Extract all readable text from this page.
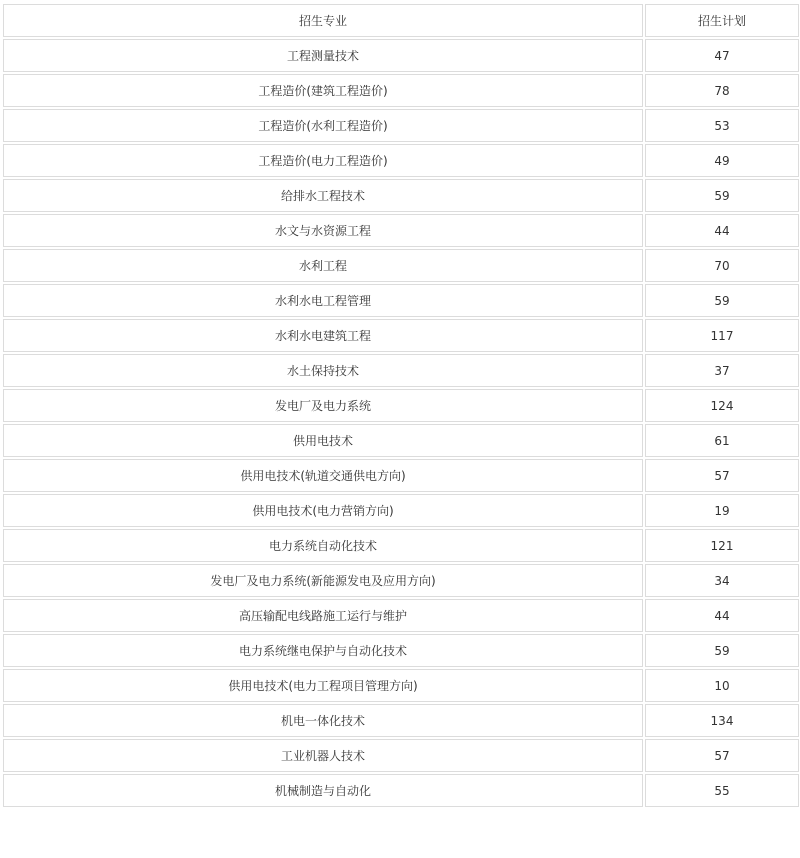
招生专业	招生计划
工程测量技术	47
工程造价(建筑工程造价)	78
工程造价(水利工程造价)	53
工程造价(电力工程造价)	49
给排水工程技术	59
水文与水资源工程	44
水利工程	70
水利水电工程管理	59
水利水电建筑工程	117
水土保持技术	37
发电厂及电力系统	124
供用电技术	61
供用电技术(轨道交通供电方向)	57
供用电技术(电力营销方向)	19
电力系统自动化技术	121
发电厂及电力系统(新能源发电及应用方向)	34
高压输配电线路施工运行与维护	44
电力系统继电保护与自动化技术	59
供用电技术(电力工程项目管理方向)	10
机电一体化技术	134
工业机器人技术	57
机械制造与自动化	55
